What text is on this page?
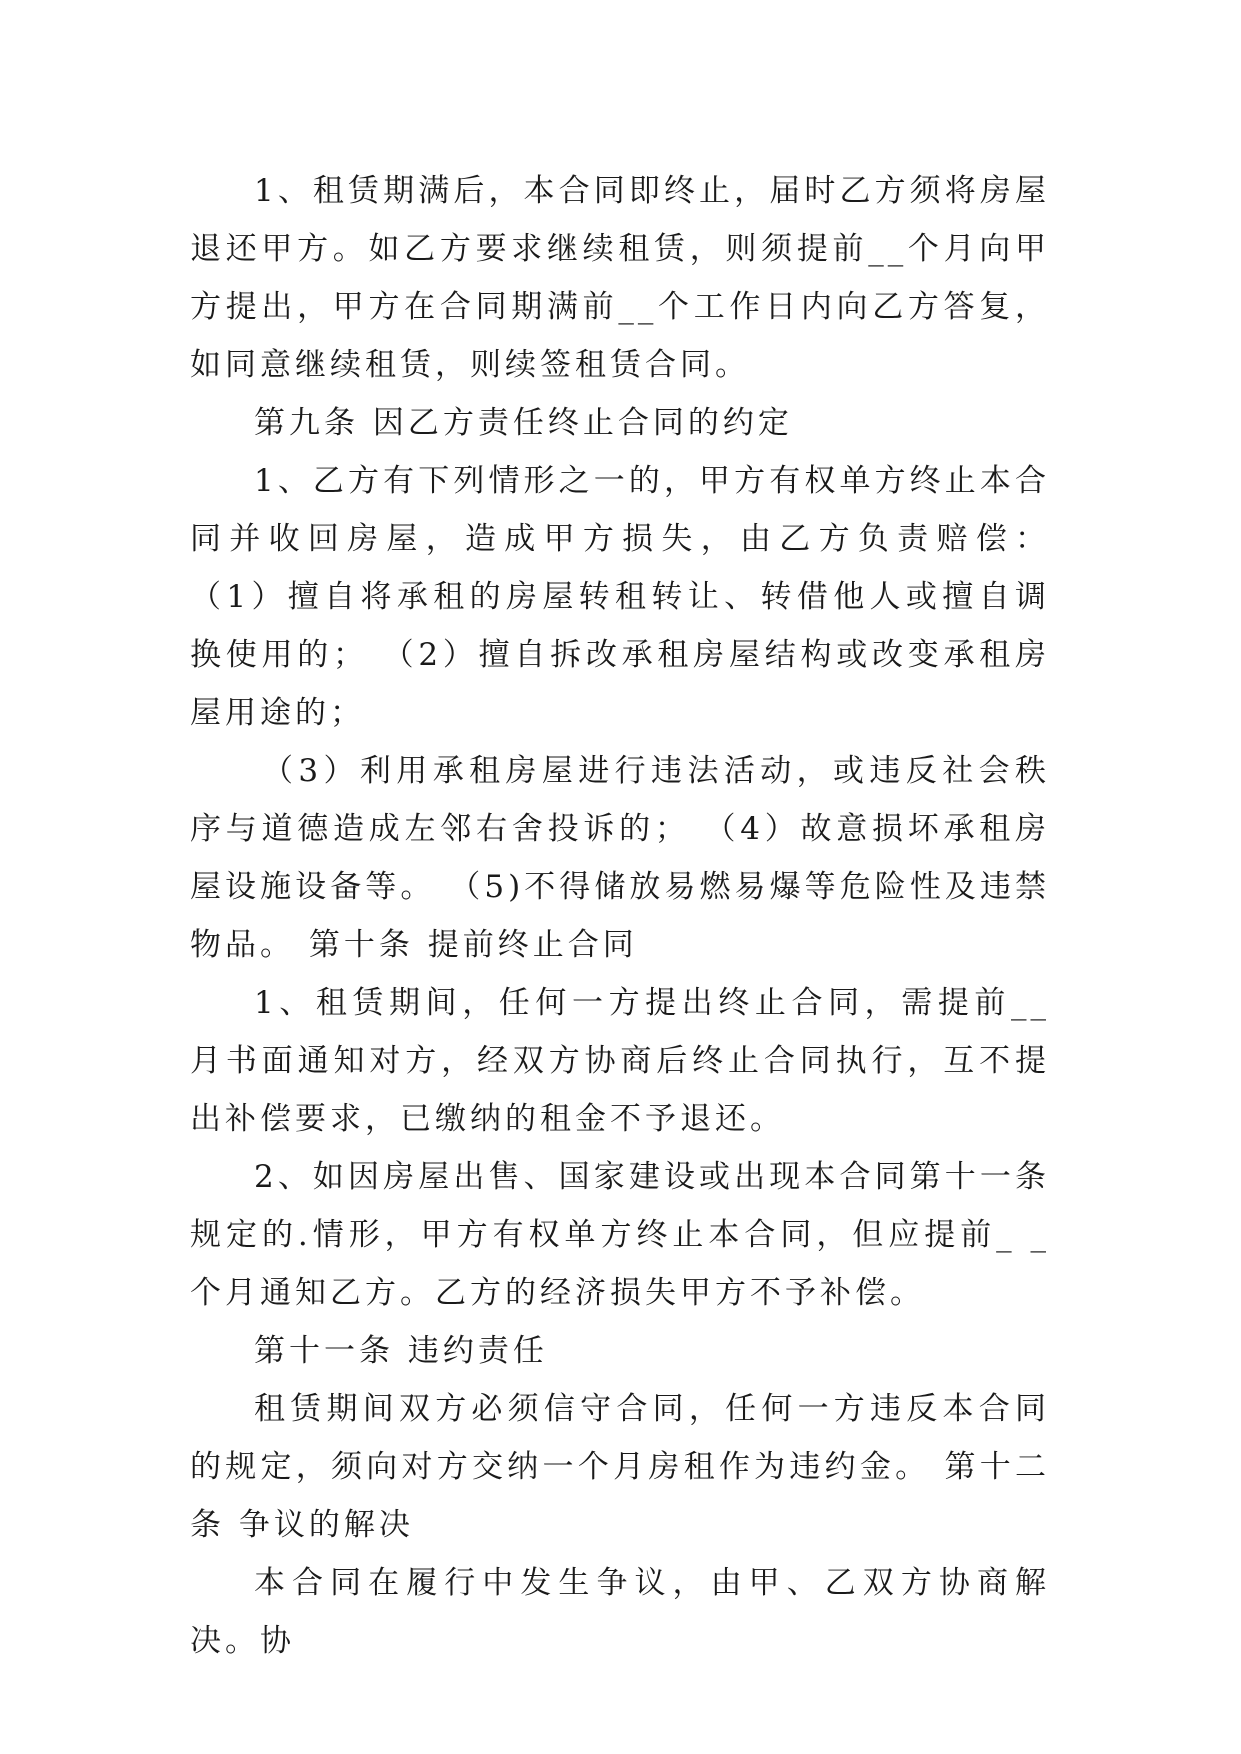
1、租赁期满后，本合同即终止，届时乙方须将房屋退还甲方。如乙方要求继续租赁，则须提前__个月向甲方提出，甲方在合同期满前__个工作日内向乙方答复，如同意继续租赁，则续签租赁合同。

第九条 因乙方责任终止合同的约定

1、乙方有下列情形之一的，甲方有权单方终止本合同并收回房屋，造成甲方损失，由乙方负责赔偿： （1）擅自将承租的房屋转租转让、转借他人或擅自调换使用的； （2）擅自拆改承租房屋结构或改变承租房屋用途的；

（3）利用承租房屋进行违法活动，或违反社会秩序与道德造成左邻右舍投诉的； （4）故意损坏承租房屋设施设备等。 （5)不得储放易燃易爆等危险性及违禁物品。 第十条 提前终止合同

1、租赁期间，任何一方提出终止合同，需提前__月书面通知对方，经双方协商后终止合同执行，互不提出补偿要求，已缴纳的租金不予退还。

2、如因房屋出售、国家建设或出现本合同第十一条规定的.情形，甲方有权单方终止本合同，但应提前_ _个月通知乙方。乙方的经济损失甲方不予补偿。

第十一条 违约责任

租赁期间双方必须信守合同，任何一方违反本合同的规定，须向对方交纳一个月房租作为违约金。 第十二条 争议的解决

本合同在履行中发生争议，由甲、乙双方协商解决。协
